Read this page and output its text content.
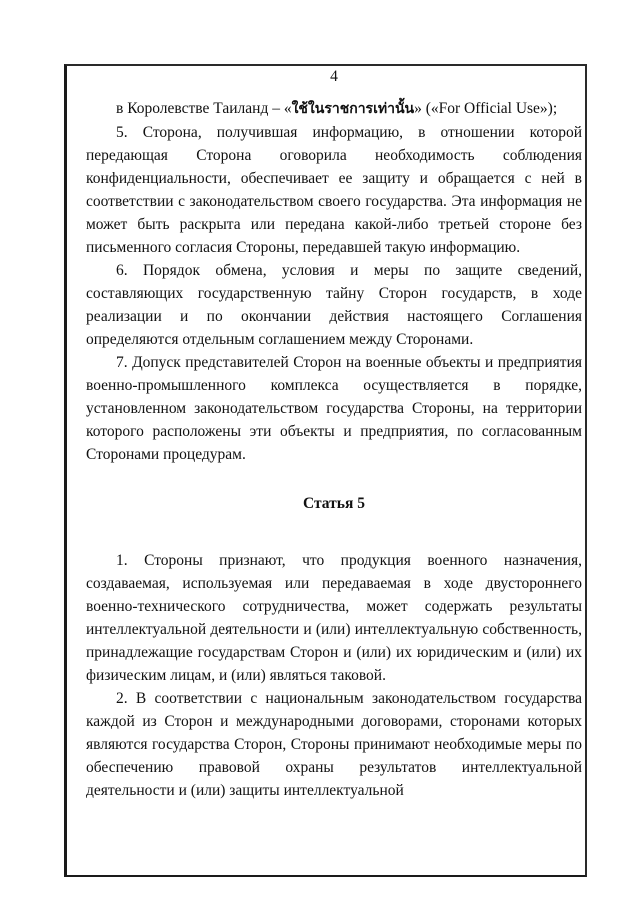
4

в Королевстве Таиланд – «ใช้ในราชการเท่านั้น» («For Official Use»);

5. Сторона, получившая информацию, в отношении которой передающая Сторона оговорила необходимость соблюдения конфиденциальности, обеспечивает ее защиту и обращается с ней в соответствии с законодательством своего государства. Эта информация не может быть раскрыта или передана какой-либо третьей стороне без письменного согласия Стороны, передавшей такую информацию.

6. Порядок обмена, условия и меры по защите сведений, составляющих государственную тайну Сторон государств, в ходе реализации и по окончании действия настоящего Соглашения определяются отдельным соглашением между Сторонами.

7. Допуск представителей Сторон на военные объекты и предприятия военно-промышленного комплекса осуществляется в порядке, установленном законодательством государства Стороны, на территории которого расположены эти объекты и предприятия, по согласованным Сторонами процедурам.

Статья 5

1. Стороны признают, что продукция военного назначения, создаваемая, используемая или передаваемая в ходе двустороннего военно-технического сотрудничества, может содержать результаты интеллектуальной деятельности и (или) интеллектуальную собственность, принадлежащие государствам Сторон и (или) их юридическим и (или) их физическим лицам, и (или) являться таковой.

2. В соответствии с национальным законодательством государства каждой из Сторон и международными договорами, сторонами которых являются государства Сторон, Стороны принимают необходимые меры по обеспечению правовой охраны результатов интеллектуальной деятельности и (или) защиты интеллектуальной
